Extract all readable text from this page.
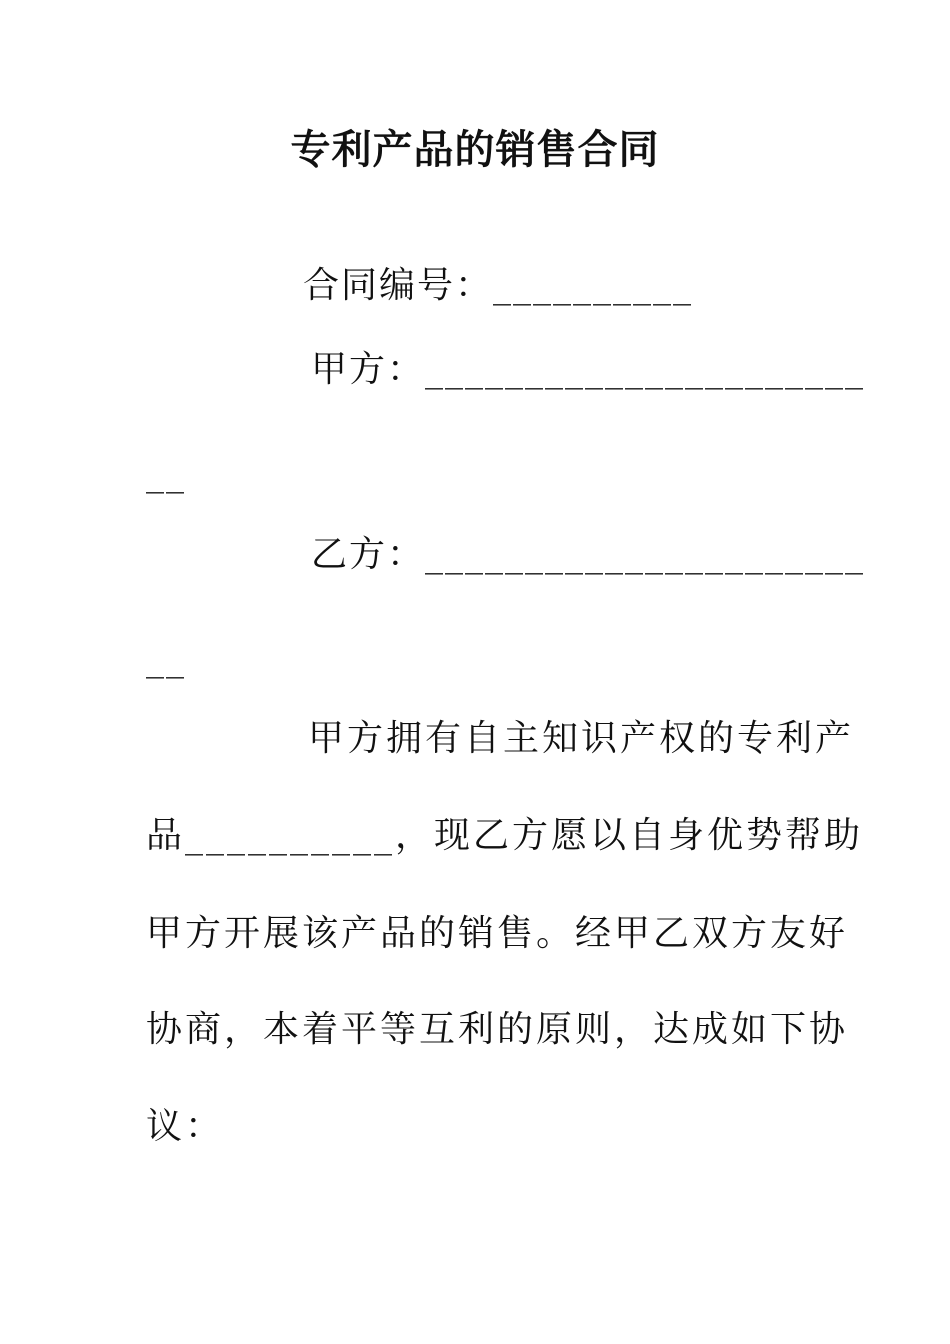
专利产品的销售合同
合同编号：__________
甲方：______________________
__
乙方：______________________
__
甲方拥有自主知识产权的专利产
品__________，现乙方愿以自身优势帮助
甲方开展该产品的销售。经甲乙双方友好
协商，本着平等互利的原则，达成如下协
议：
